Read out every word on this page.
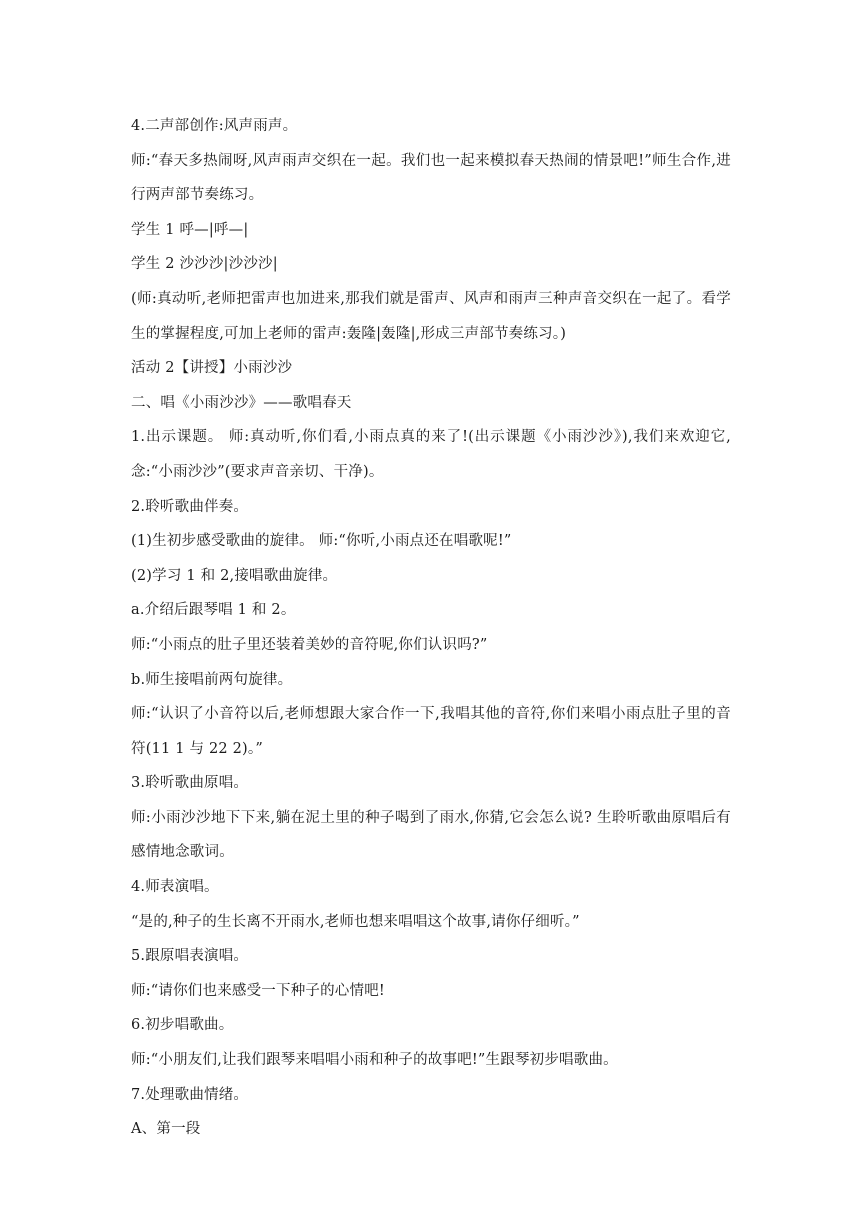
4.二声部创作:风声雨声。

师:“春天多热闹呀,风声雨声交织在一起。我们也一起来模拟春天热闹的情景吧!”师生合作,进行两声部节奏练习。

学生 1 呼—|呼—|

学生 2 沙沙沙|沙沙沙|

(师:真动听,老师把雷声也加进来,那我们就是雷声、风声和雨声三种声音交织在一起了。看学生的掌握程度,可加上老师的雷声:轰隆|轰隆|,形成三声部节奏练习。)

活动 2【讲授】小雨沙沙

二、唱《小雨沙沙》——歌唱春天

1.出示课题。 师:真动听,你们看,小雨点真的来了!(出示课题《小雨沙沙》),我们来欢迎它,念:“小雨沙沙”(要求声音亲切、干净)。

2.聆听歌曲伴奏。

(1)生初步感受歌曲的旋律。 师:“你听,小雨点还在唱歌呢!”

(2)学习 1 和 2,接唱歌曲旋律。

a.介绍后跟琴唱 1 和 2。

师:“小雨点的肚子里还装着美妙的音符呢,你们认识吗?”

b.师生接唱前两句旋律。

师:“认识了小音符以后,老师想跟大家合作一下,我唱其他的音符,你们来唱小雨点肚子里的音符(11 1 与 22 2)。”

3.聆听歌曲原唱。

师:小雨沙沙地下下来,躺在泥土里的种子喝到了雨水,你猜,它会怎么说? 生聆听歌曲原唱后有感情地念歌词。

4.师表演唱。

“是的,种子的生长离不开雨水,老师也想来唱唱这个故事,请你仔细听。”

5.跟原唱表演唱。

师:“请你们也来感受一下种子的心情吧!

6.初步唱歌曲。

师:“小朋友们,让我们跟琴来唱唱小雨和种子的故事吧!”生跟琴初步唱歌曲。

7.处理歌曲情绪。

A、第一段
